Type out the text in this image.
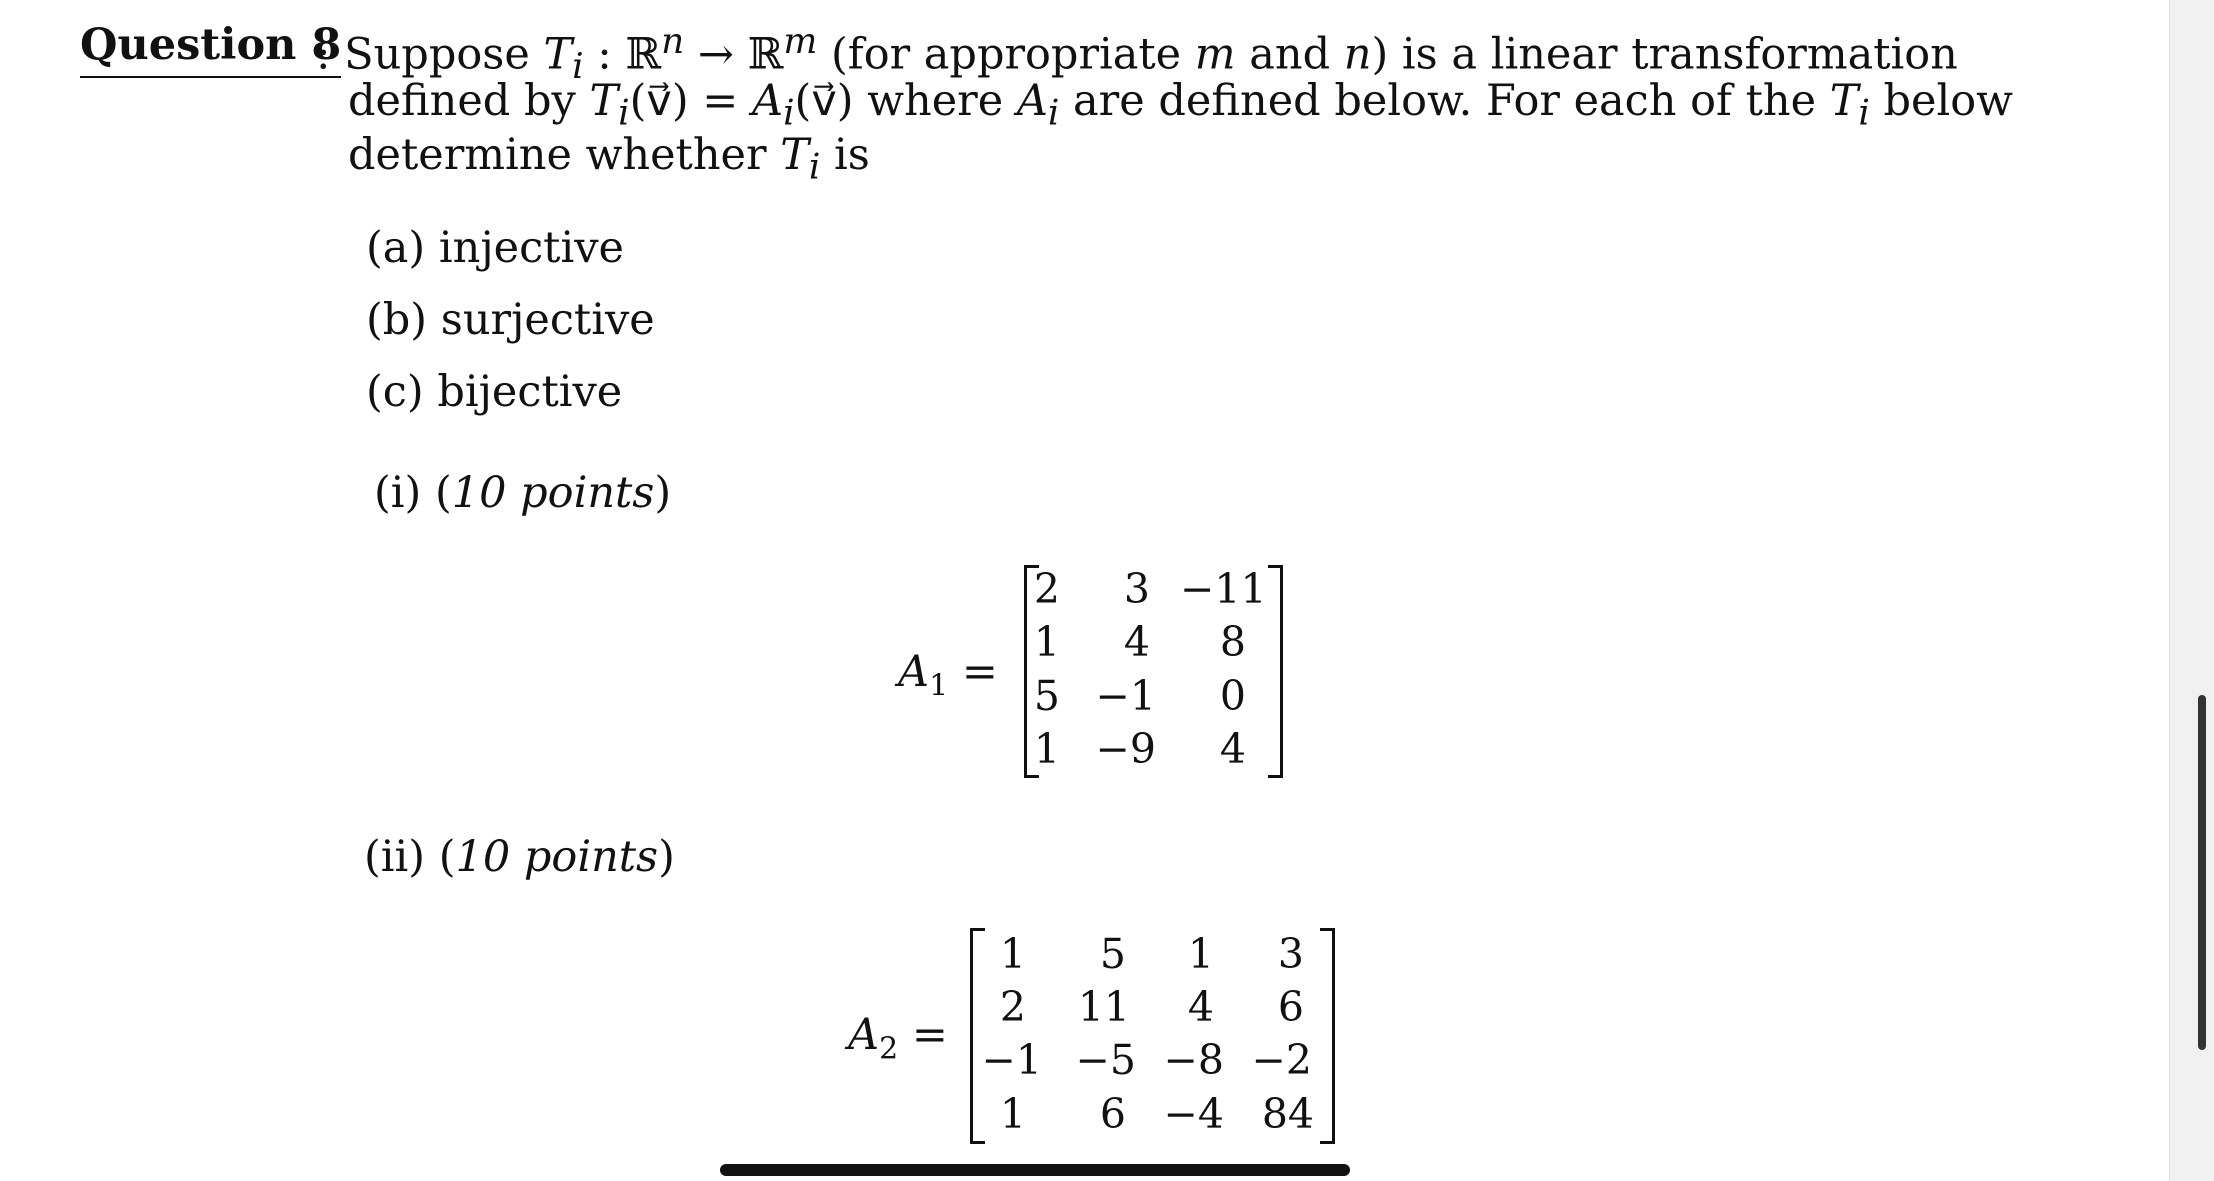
Question 8
: Suppose $T_i$ : ℝ$^n$ → ℝ$^m$ (for appropriate m and n) is a linear transformation
defined by $T_i(v⃗)$ = $A_i(v⃗)$ where $A_i$ are defined below. For each of the $T_i$ below
determine whether $T_i$ is
(a) injective
(b) surjective
(c) bijective
(i) (10 points)
$A_1$ =
2	3 −11
1	4	8
5 −1	0
1 −9	4
(ii) (10 points)
$A_2$ =
1	5	1	3
2 11	4	6
−1 −5 −8 −2
1	6 −4 84
